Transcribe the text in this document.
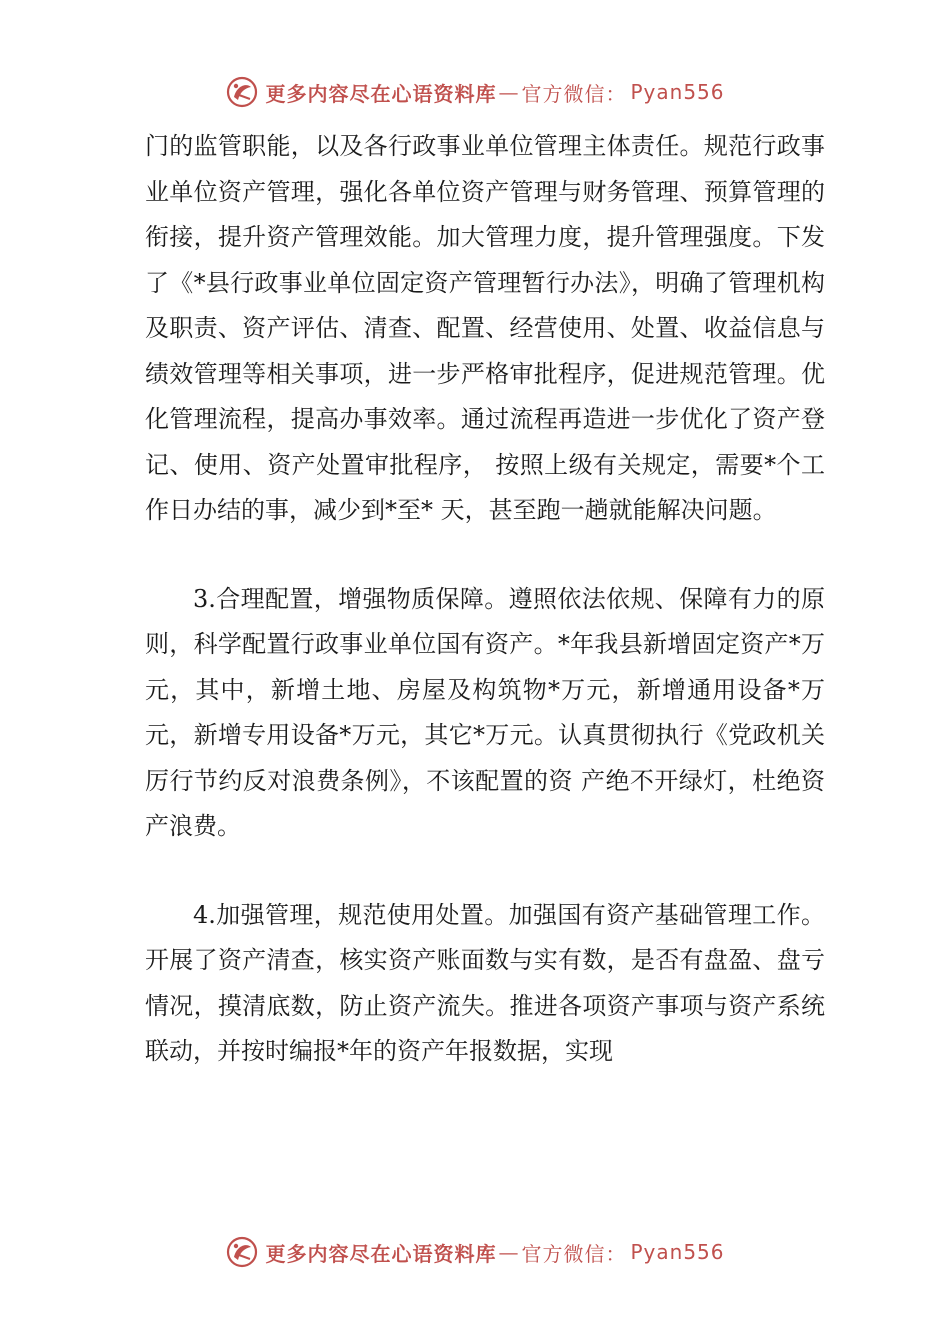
更多内容尽在心语资料库 — 官方微信： Pyan556

门的监管职能，以及各行政事业单位管理主体责任。规范行政事业单位资产管理，强化各单位资产管理与财务管理、预算管理的衔接，提升资产管理效能。加大管理力度，提升管理强度。下发了《*县行政事业单位固定资产管理暂行办法》，明确了管理机构及职责、资产评估、清查、配置、经营使用、处置、收益信息与绩效管理等相关事项，进一步严格审批程序，促进规范管理。优化管理流程，提高办事效率。通过流程再造进一步优化了资产登记、使用、资产处置审批程序， 按照上级有关规定，需要*个工作日办结的事，减少到*至* 天，甚至跑一趟就能解决问题。

3.合理配置，增强物质保障。遵照依法依规、保障有力的原则，科学配置行政事业单位国有资产。*年我县新增固定资产*万元，其中，新增土地、房屋及构筑物*万元，新增通用设备*万元，新增专用设备*万元，其它*万元。认真贯彻执行《党政机关厉行节约反对浪费条例》，不该配置的资 产绝不开绿灯，杜绝资产浪费。

4.加强管理，规范使用处置。加强国有资产基础管理工作。开展了资产清查，核实资产账面数与实有数，是否有盘盈、盘亏情况，摸清底数，防止资产流失。推进各项资产事项与资产系统联动，并按时编报*年的资产年报数据，实现

更多内容尽在心语资料库 — 官方微信： Pyan556
